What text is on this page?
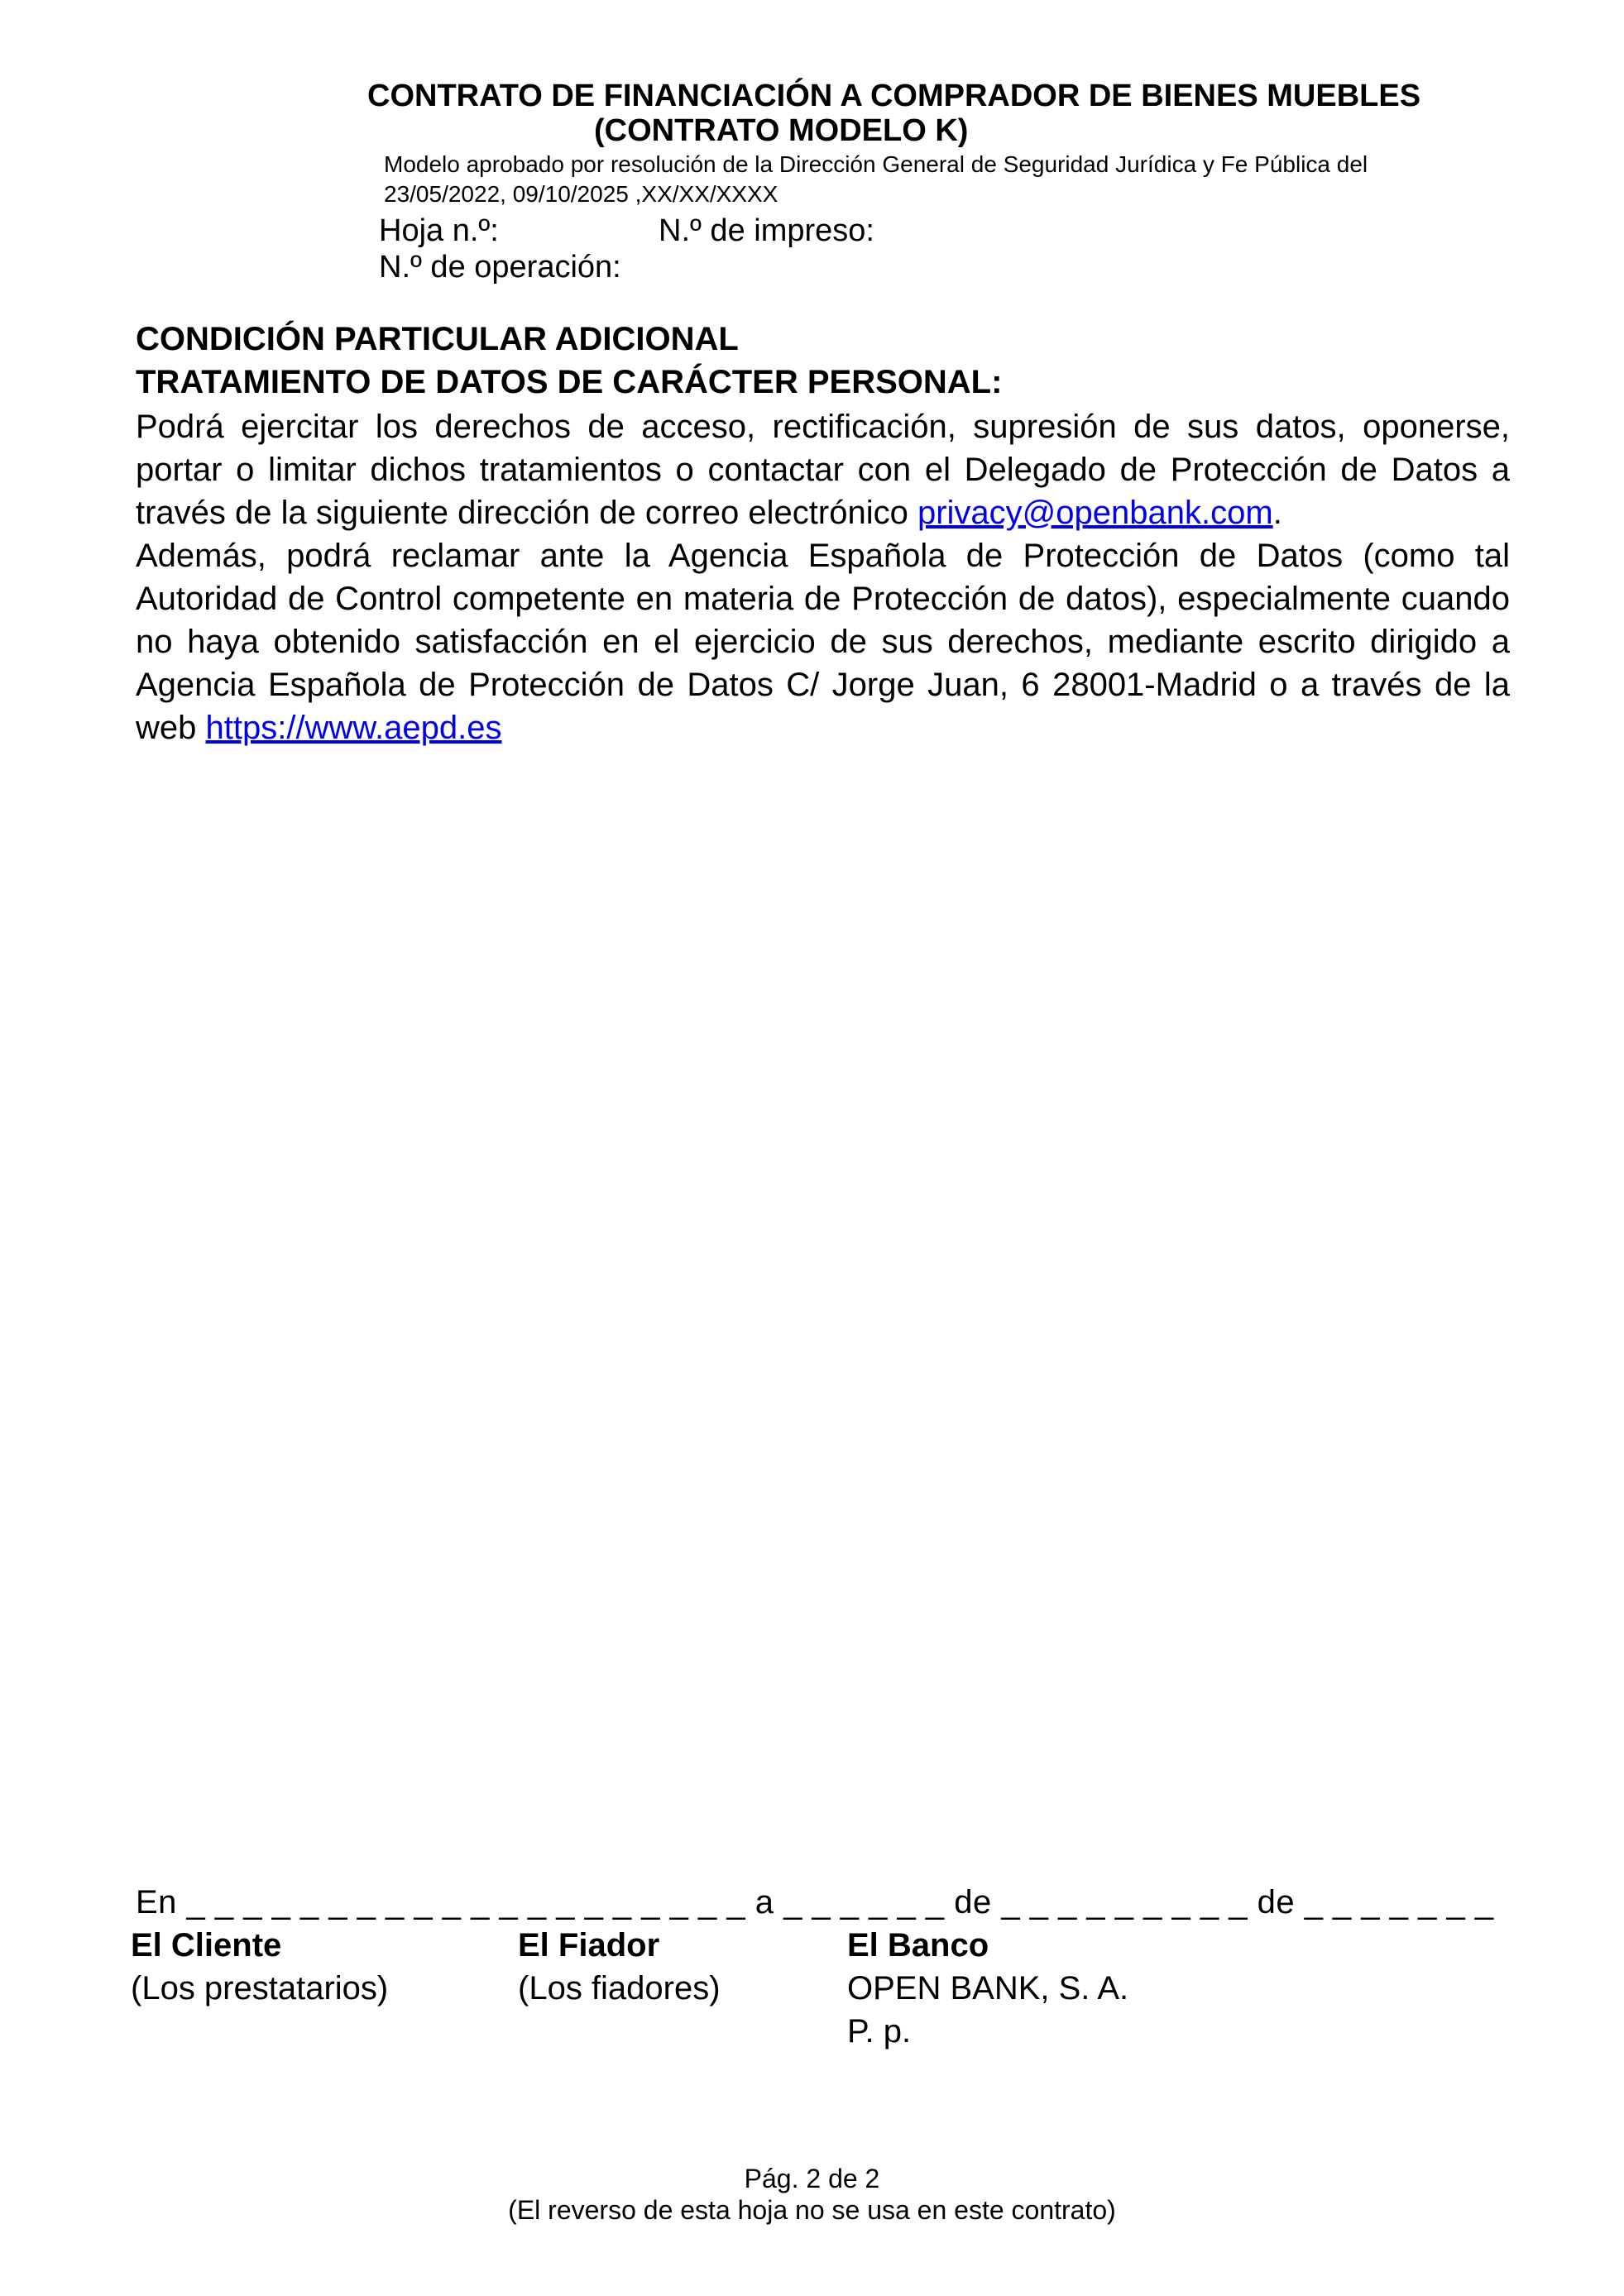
CONTRATO DE FINANCIACIÓN A COMPRADOR DE BIENES MUEBLES
(CONTRATO MODELO K)
Modelo aprobado por resolución de la Dirección General de Seguridad Jurídica y Fe Pública del
23/05/2022, 09/10/2025 ,XX/XX/XXXX
Hoja n.º:	N.º de impreso:
N.º de operación:
CONDICIÓN PARTICULAR ADICIONAL
TRATAMIENTO DE DATOS DE CARÁCTER PERSONAL:

Podrá ejercitar los derechos de acceso, rectificación, supresión de sus datos, oponerse, portar o limitar dichos tratamientos o contactar con el Delegado de Protección de Datos a través de la siguiente dirección de correo electrónico privacy@openbank.com.

Además, podrá reclamar ante la Agencia Española de Protección de Datos (como tal Autoridad de Control competente en materia de Protección de datos), especialmente cuando no haya obtenido satisfacción en el ejercicio de sus derechos, mediante escrito dirigido a Agencia Española de Protección de Datos C/ Jorge Juan, 6 28001-Madrid o a través de la web https://www.aepd.es

En _ _ _ _ _ _ _ _ _ _ _ _ _ _ _ _ _ _ _ _ a _ _ _ _ _ _ de _ _ _ _ _ _ _ _ _ de _ _ _ _ _ _ _
El Cliente
(Los prestatarios)
El Fiador
(Los fiadores)
El Banco
OPEN BANK, S. A.
P. p.
Pág. 2 de 2
(El reverso de esta hoja no se usa en este contrato)
